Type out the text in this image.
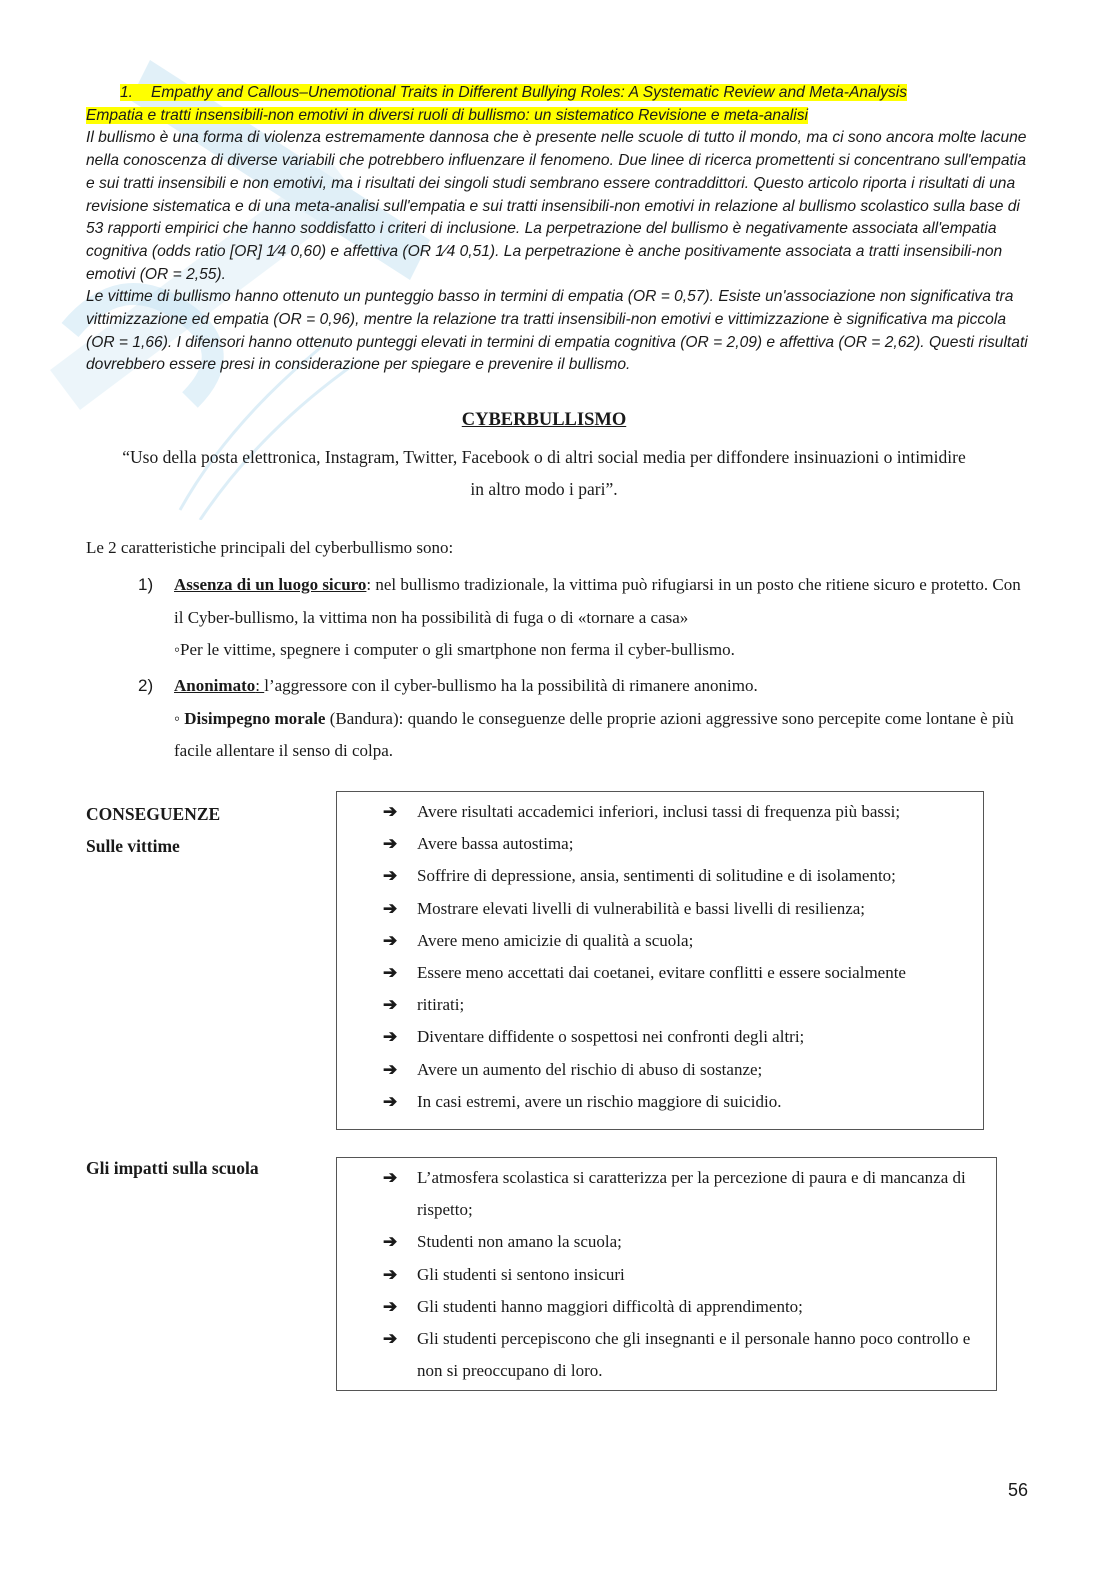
1. Empathy and Callous–Unemotional Traits in Different Bullying Roles: A Systematic Review and Meta-Analysis
Empatia e tratti insensibili-non emotivi in diversi ruoli di bullismo: un sistematico Revisione e meta-analisi
Il bullismo è una forma di violenza estremamente dannosa che è presente nelle scuole di tutto il mondo, ma ci sono ancora molte lacune nella conoscenza di diverse variabili che potrebbero influenzare il fenomeno. Due linee di ricerca promettenti si concentrano sull'empatia e sui tratti insensibili e non emotivi, ma i risultati dei singoli studi sembrano essere contraddittori. Questo articolo riporta i risultati di una revisione sistematica e di una meta-analisi sull'empatia e sui tratti insensibili-non emotivi in relazione al bullismo scolastico sulla base di 53 rapporti empirici che hanno soddisfatto i criteri di inclusione. La perpetrazione del bullismo è negativamente associata all'empatia cognitiva (odds ratio [OR] 1⁄4 0,60) e affettiva (OR 1⁄4 0,51). La perpetrazione è anche positivamente associata a tratti insensibili-non emotivi (OR = 2,55).
Le vittime di bullismo hanno ottenuto un punteggio basso in termini di empatia (OR = 0,57). Esiste un'associazione non significativa tra vittimizzazione ed empatia (OR = 0,96), mentre la relazione tra tratti insensibili-non emotivi e vittimizzazione è significativa ma piccola (OR = 1,66). I difensori hanno ottenuto punteggi elevati in termini di empatia cognitiva (OR = 2,09) e affettiva (OR = 2,62). Questi risultati dovrebbero essere presi in considerazione per spiegare e prevenire il bullismo.
CYBERBULLISMO
“Uso della posta elettronica, Instagram, Twitter, Facebook o di altri social media per diffondere insinuazioni o intimidire
in altro modo i pari”.
Le 2 caratteristiche principali del cyberbullismo sono:
1) Assenza di un luogo sicuro: nel bullismo tradizionale, la vittima può rifugiarsi in un posto che ritiene sicuro e protetto. Con il Cyber-bullismo, la vittima non ha possibilità di fuga o di «tornare a casa»
◦Per le vittime, spegnere i computer o gli smartphone non ferma il cyber-bullismo.
2) Anonimato: l’aggressore con il cyber-bullismo ha la possibilità di rimanere anonimo.
◦ Disimpegno morale (Bandura): quando le conseguenze delle proprie azioni aggressive sono percepite come lontane è più facile allentare il senso di colpa.
CONSEGUENZE
Sulle vittime
➔ Avere risultati accademici inferiori, inclusi tassi di frequenza più bassi;
➔ Avere bassa autostima;
➔ Soffrire di depressione, ansia, sentimenti di solitudine e di isolamento;
➔ Mostrare elevati livelli di vulnerabilità e bassi livelli di resilienza;
➔ Avere meno amicizie di qualità a scuola;
➔ Essere meno accettati dai coetanei, evitare conflitti e essere socialmente
➔ ritirati;
➔ Diventare diffidente o sospettosi nei confronti degli altri;
➔ Avere un aumento del rischio di abuso di sostanze;
➔ In casi estremi, avere un rischio maggiore di suicidio.
Gli impatti sulla scuola	➔ L’atmosfera scolastica si caratterizza per la percezione di paura e di mancanza di rispetto;
➔ Studenti non amano la scuola;
➔ Gli studenti si sentono insicuri
➔ Gli studenti hanno maggiori difficoltà di apprendimento;
➔ Gli studenti percepiscono che gli insegnanti e il personale hanno poco controllo e non si preoccupano di loro.
56
